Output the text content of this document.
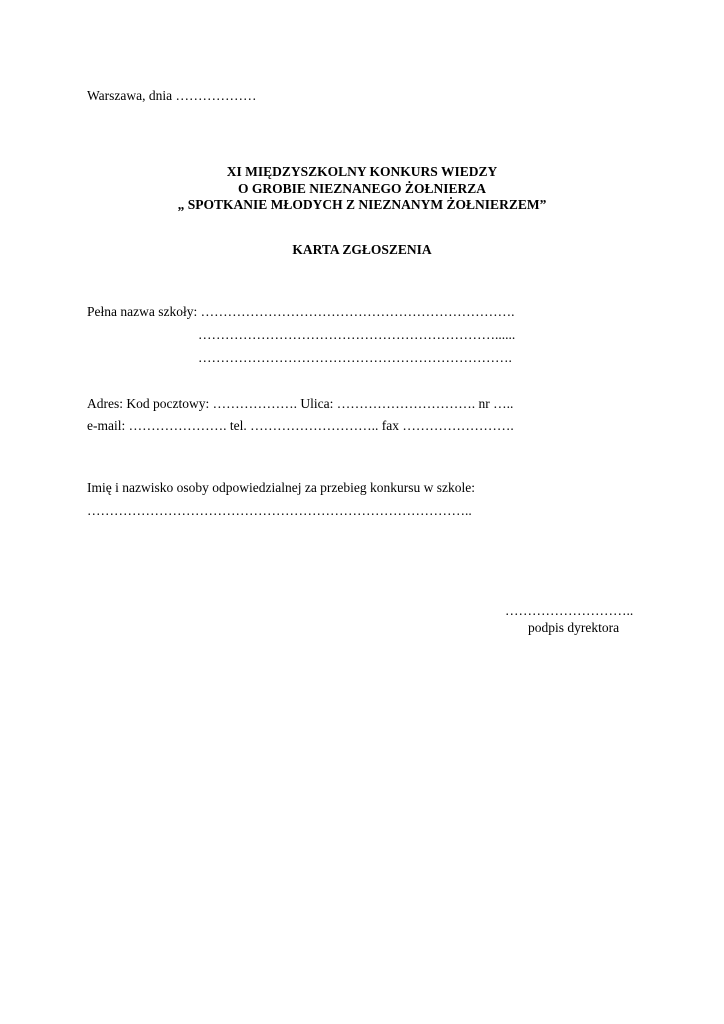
Warszawa, dnia ………………
XI MIĘDZYSZKOLNY KONKURS WIEDZY
O GROBIE NIEZNANEGO ŻOŁNIERZA
„ SPOTKANIE MŁODYCH Z NIEZNANYM ŻOŁNIERZEM”
KARTA ZGŁOSZENIA
Pełna nazwa szkoły: …………………………………………………………….
…………………………………………………………......
…………………………………………………………….
Adres: Kod pocztowy: ………………. Ulica: …………………………. nr …..
e-mail: …………………. tel. ……………………….. fax …………………….
Imię i nazwisko osoby odpowiedzialnej za przebieg konkursu w szkole:
…………………………………………………………………………..
………………………..
podpis dyrektora
